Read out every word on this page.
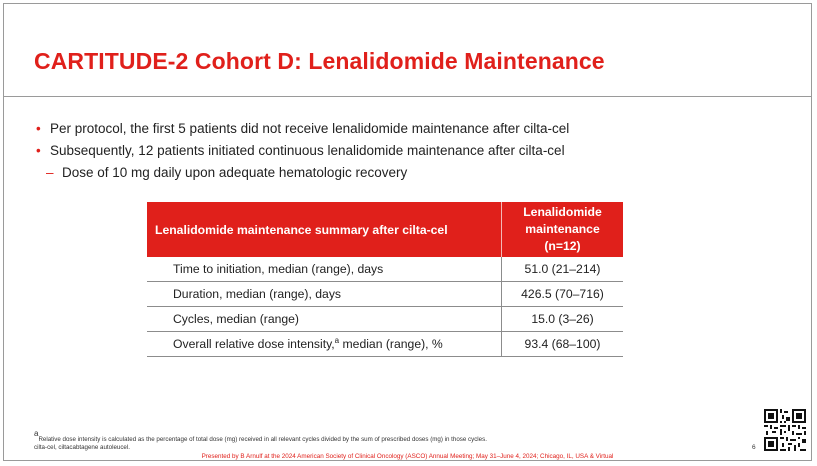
CARTITUDE-2 Cohort D: Lenalidomide Maintenance
• Per protocol, the first 5 patients did not receive lenalidomide maintenance after cilta-cel
• Subsequently, 12 patients initiated continuous lenalidomide maintenance after cilta-cel
– Dose of 10 mg daily upon adequate hematologic recovery
Lenalidomide maintenance summary after cilta-cel	Lenalidomide
maintenance
(n=12)
Time to initiation, median (range), days	51.0 (21–214)
Duration, median (range), days	426.5 (70–716)
Cycles, median (range)	15.0 (3–26)
Overall relative dose intensity,$^a$ median (range), %	93.4 (68–100)
$^a$Relative dose intensity is calculated as the percentage of total dose (mg) received in all relevant cycles divided by the sum of prescribed doses (mg) in those cycles.
cilta-cel, ciltacabtagene autoleucel.	6
Presented by B Arnulf at the 2024 American Society of Clinical Oncology (ASCO) Annual Meeting; May 31–June 4, 2024; Chicago, IL, USA & Virtual
